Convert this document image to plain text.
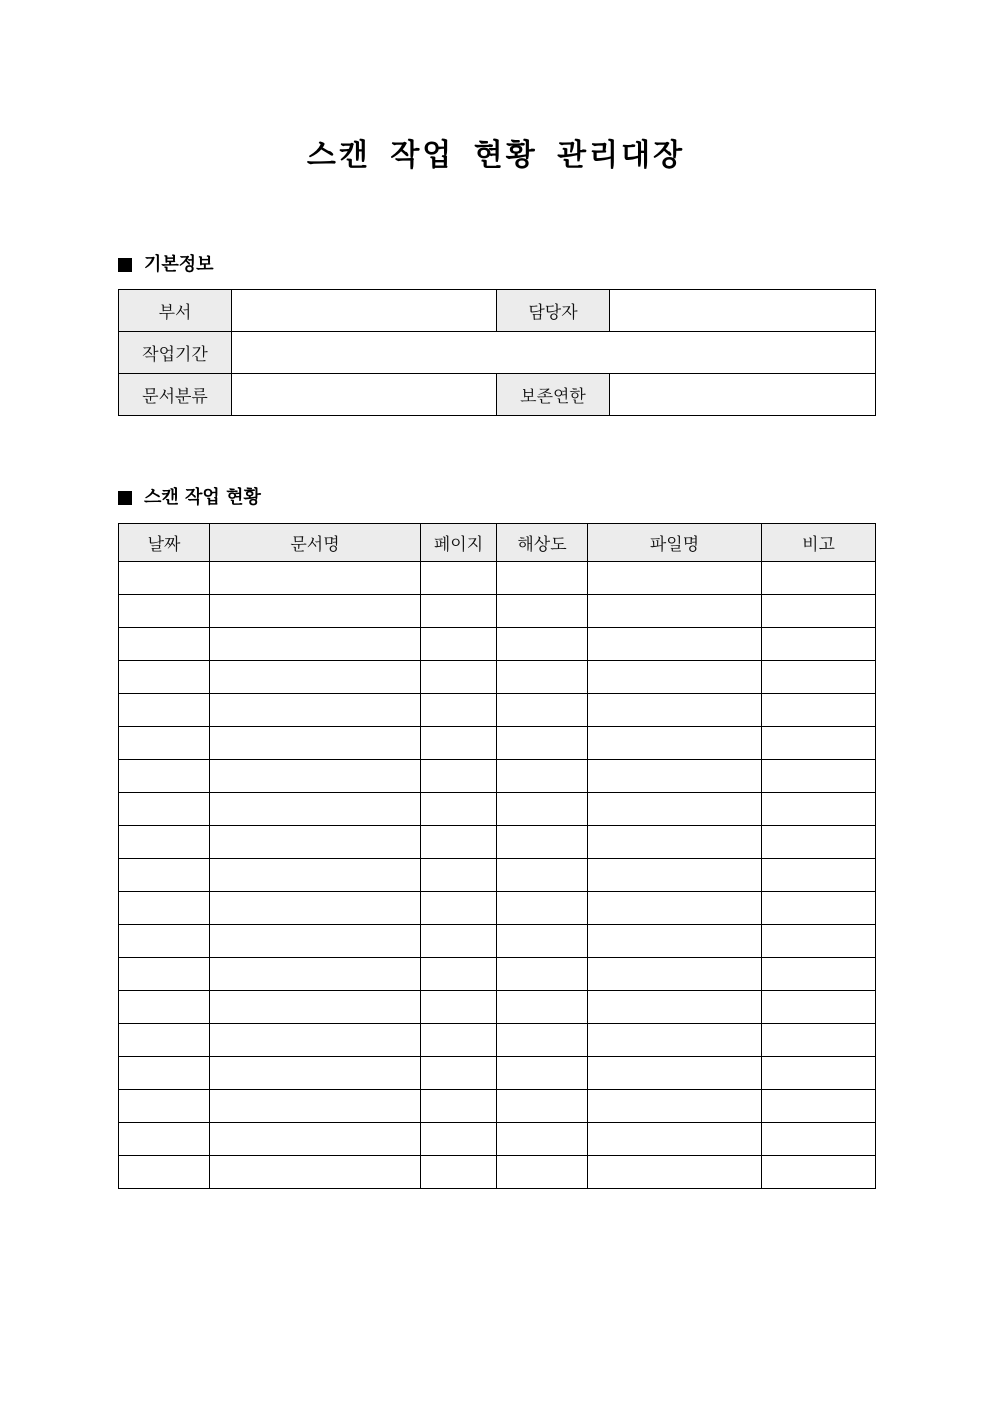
스캔 작업 현황 관리대장
기본정보
부서		담당자	
작업기간			
문서분류		보존연한	
스캔 작업 현황
날짜	문서명	페이지	해상도	파일명	비고
